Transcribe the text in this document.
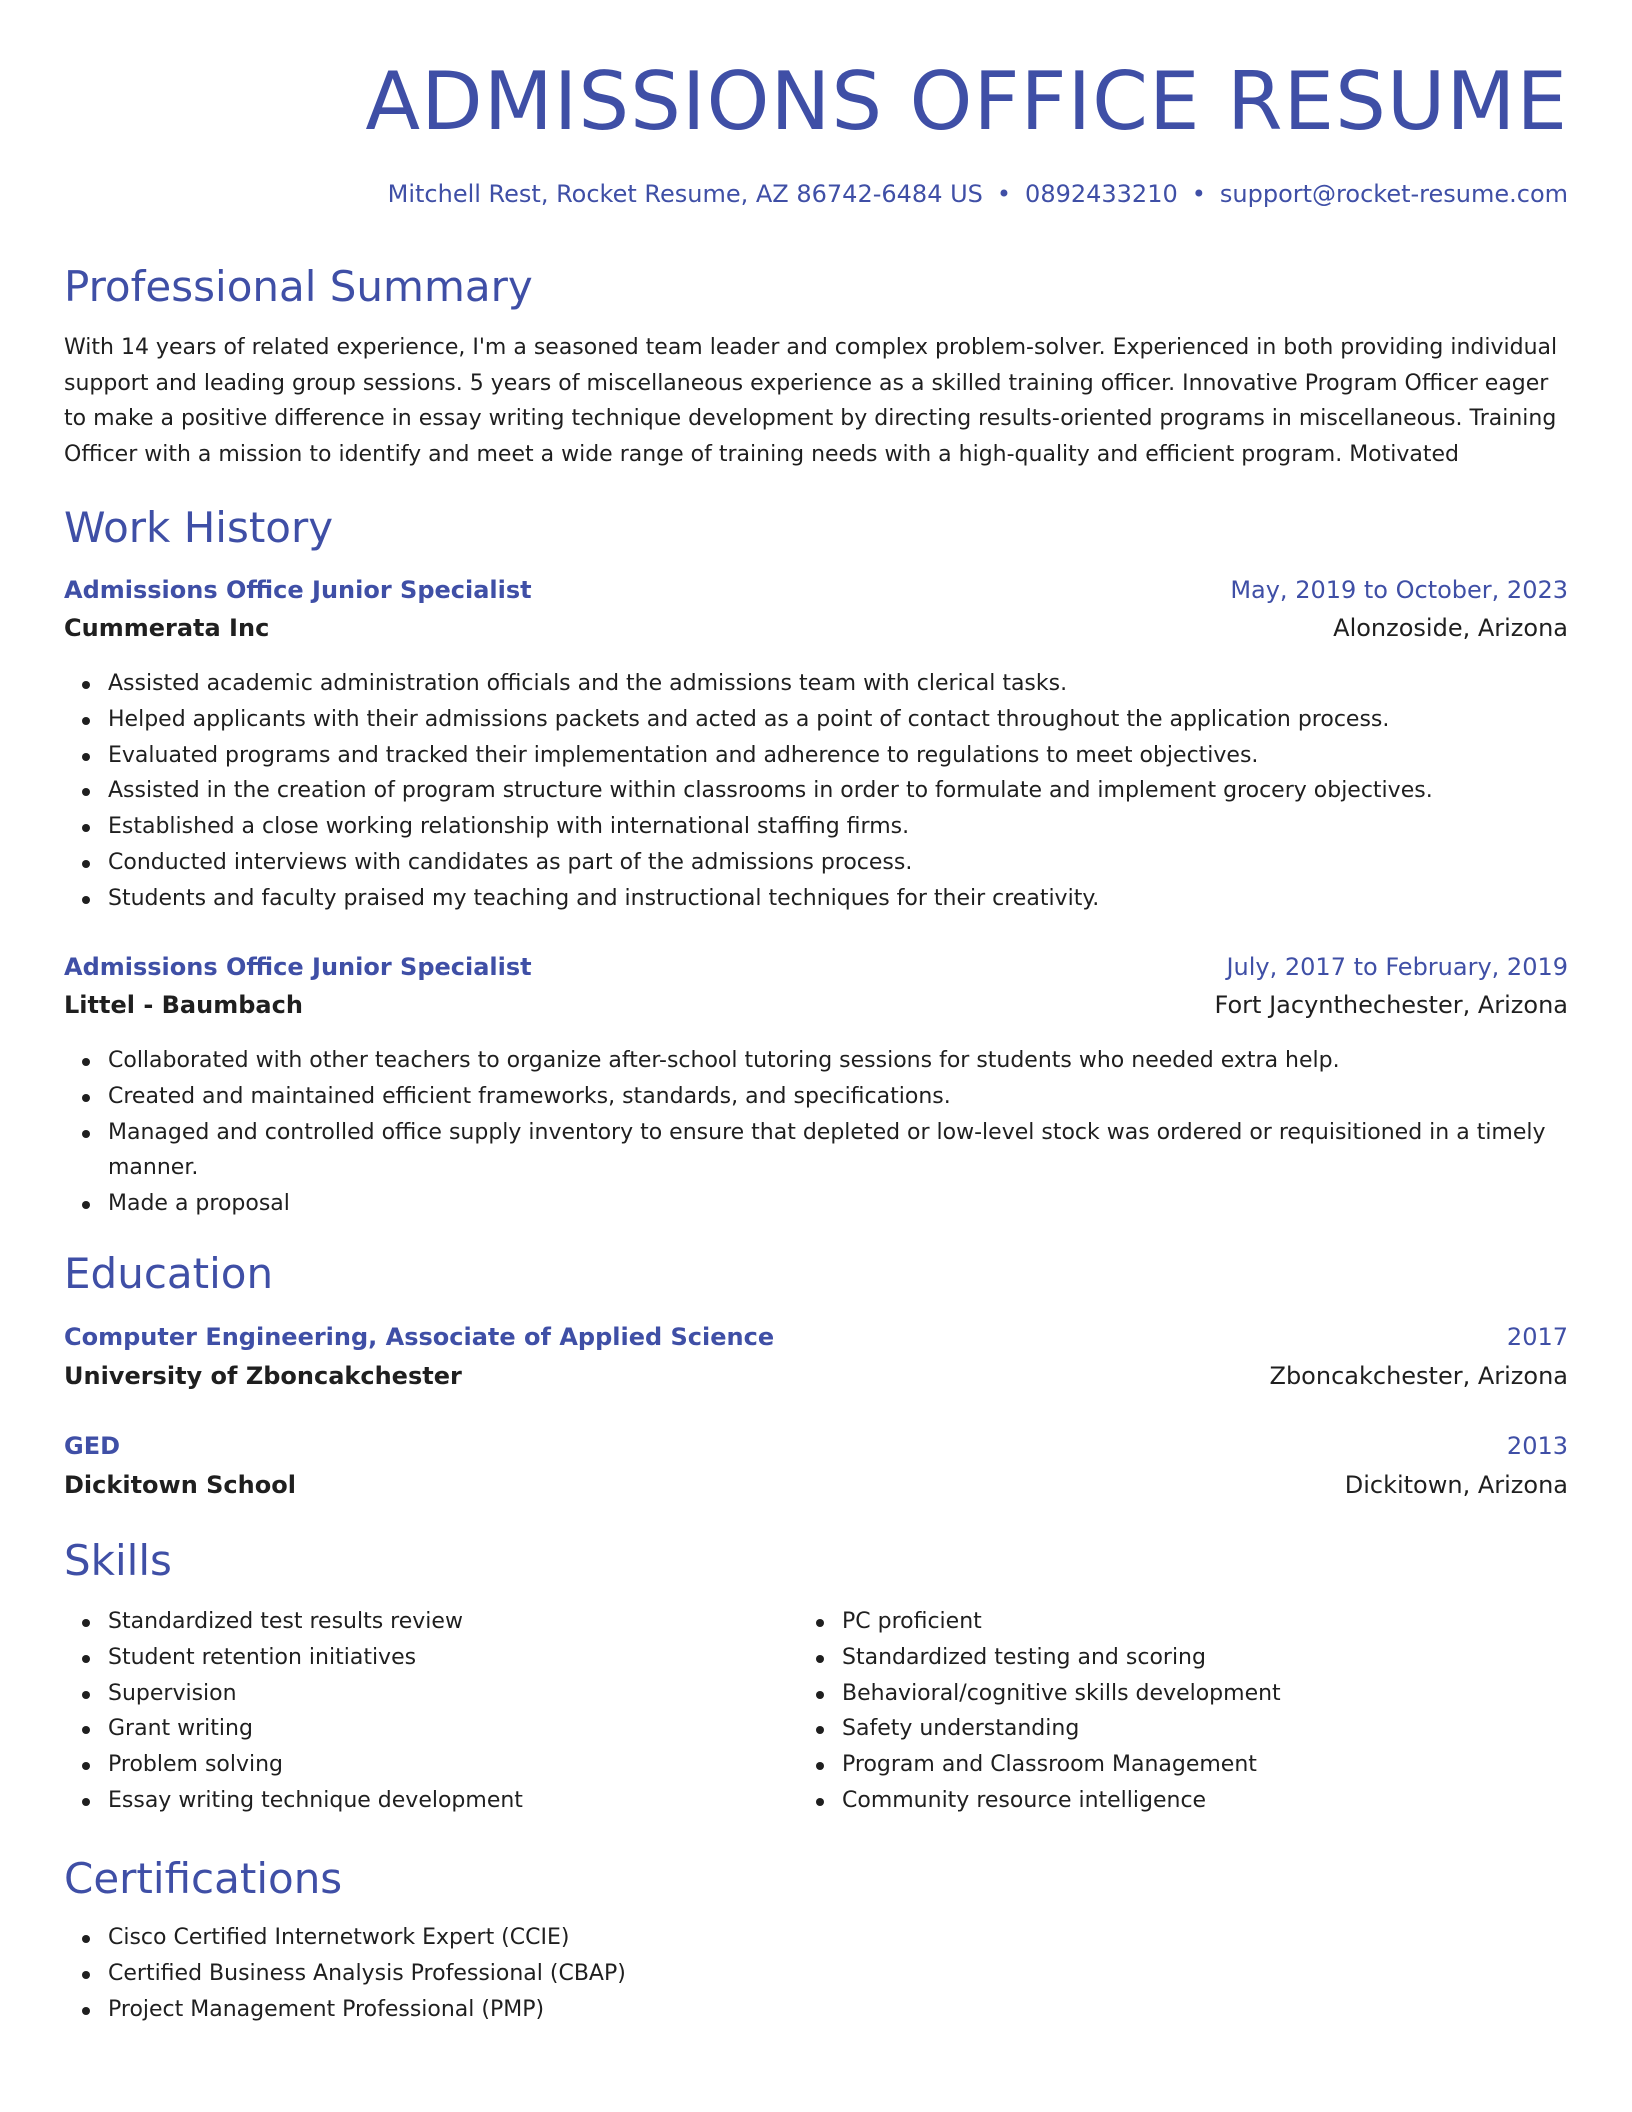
ADMISSIONS OFFICE RESUME
Mitchell Rest, Rocket Resume, AZ 86742-6484 US • 0892433210 • support@rocket-resume.com
Professional Summary

With 14 years of related experience, I'm a seasoned team leader and complex problem-solver. Experienced in both providing individual support and leading group sessions. 5 years of miscellaneous experience as a skilled training officer. Innovative Program Officer eager to make a positive difference in essay writing technique development by directing results-oriented programs in miscellaneous. Training Officer with a mission to identify and meet a wide range of training needs with a high-quality and efficient program. Motivated

Work History
Admissions Office Junior Specialist	May, 2019 to October, 2023
Cummerata Inc	Alonzoside, Arizona
Assisted academic administration officials and the admissions team with clerical tasks.
Helped applicants with their admissions packets and acted as a point of contact throughout the application process.
Evaluated programs and tracked their implementation and adherence to regulations to meet objectives.
Assisted in the creation of program structure within classrooms in order to formulate and implement grocery objectives.
Established a close working relationship with international staffing firms.
Conducted interviews with candidates as part of the admissions process.
Students and faculty praised my teaching and instructional techniques for their creativity.
Admissions Office Junior Specialist	July, 2017 to February, 2019
Littel - Baumbach	Fort Jacynthechester, Arizona
Collaborated with other teachers to organize after-school tutoring sessions for students who needed extra help.
Created and maintained efficient frameworks, standards, and specifications.
Managed and controlled office supply inventory to ensure that depleted or low-level stock was ordered or requisitioned in a timely manner.
Made a proposal
Education
Computer Engineering, Associate of Applied Science	2017
University of Zboncakchester	Zboncakchester, Arizona
GED	2013
Dickitown School	Dickitown, Arizona
Skills
Standardized test results review
Student retention initiatives
Supervision
Grant writing
Problem solving
Essay writing technique development
PC proficient
Standardized testing and scoring
Behavioral/cognitive skills development
Safety understanding
Program and Classroom Management
Community resource intelligence
Certifications
Cisco Certified Internetwork Expert (CCIE)
Certified Business Analysis Professional (CBAP)
Project Management Professional (PMP)
